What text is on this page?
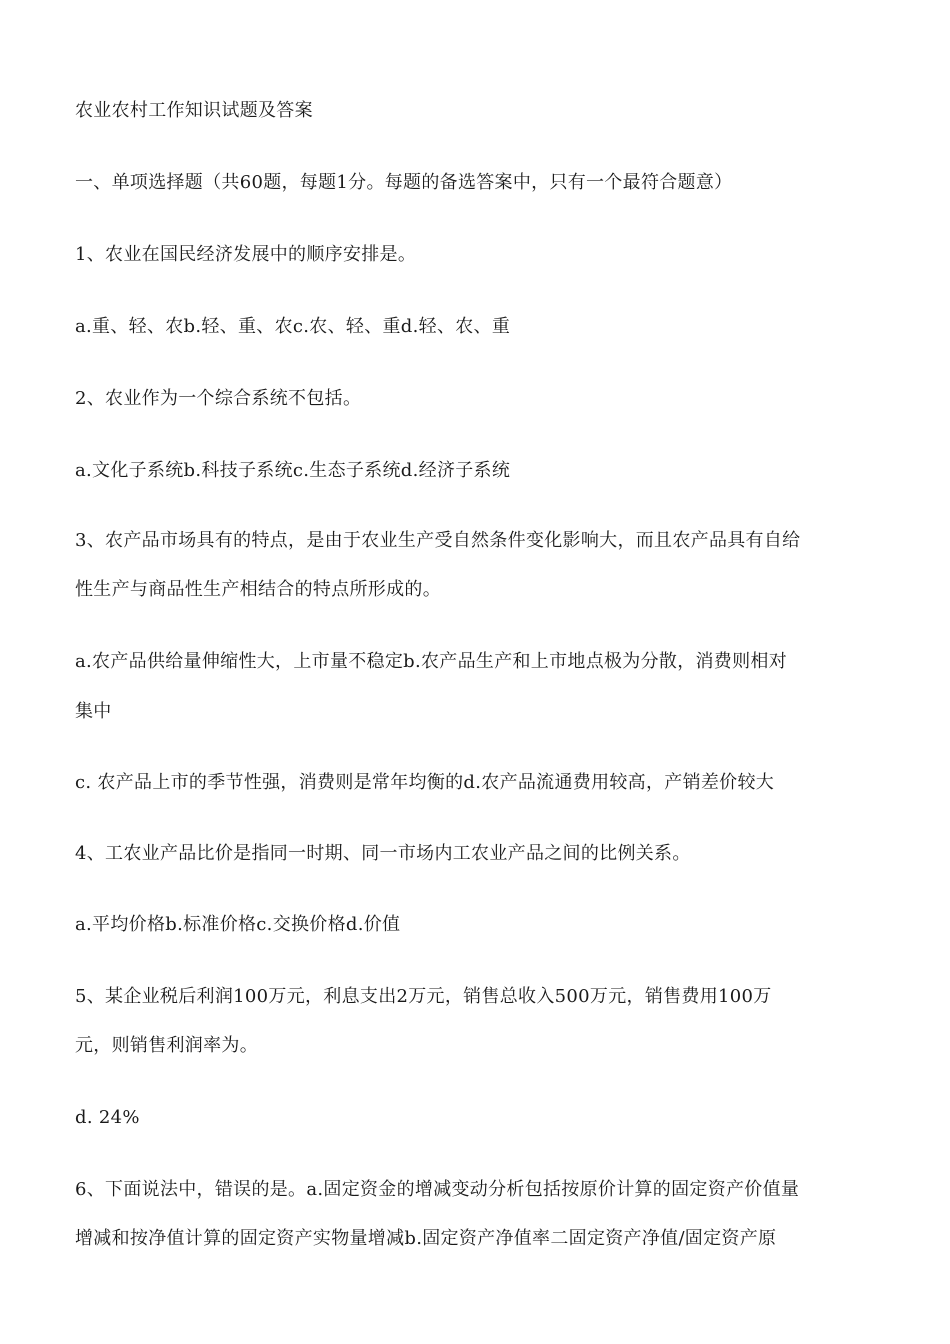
农业农村工作知识试题及答案
一、单项选择题（共60题，每题1分。每题的备选答案中，只有一个最符合题意）
1、农业在国民经济发展中的顺序安排是。
a.重、轻、农b.轻、重、农c.农、轻、重d.轻、农、重
2、农业作为一个综合系统不包括。
a.文化子系统b.科技子系统c.生态子系统d.经济子系统
3、农产品市场具有的特点，是由于农业生产受自然条件变化影响大，而且农产品具有自给
性生产与商品性生产相结合的特点所形成的。
a.农产品供给量伸缩性大，上市量不稳定b.农产品生产和上市地点极为分散，消费则相对
集中
c. 农产品上市的季节性强，消费则是常年均衡的d.农产品流通费用较高，产销差价较大
4、工农业产品比价是指同一时期、同一市场内工农业产品之间的比例关系。
a.平均价格b.标准价格c.交换价格d.价值
5、某企业税后利润100万元，利息支出2万元，销售总收入500万元，销售费用100万
元，则销售利润率为。
d. 24%
6、下面说法中，错误的是。a.固定资金的增减变动分析包括按原价计算的固定资产价值量
增减和按净值计算的固定资产实物量增减b.固定资产净值率二固定资产净值/固定资产原
